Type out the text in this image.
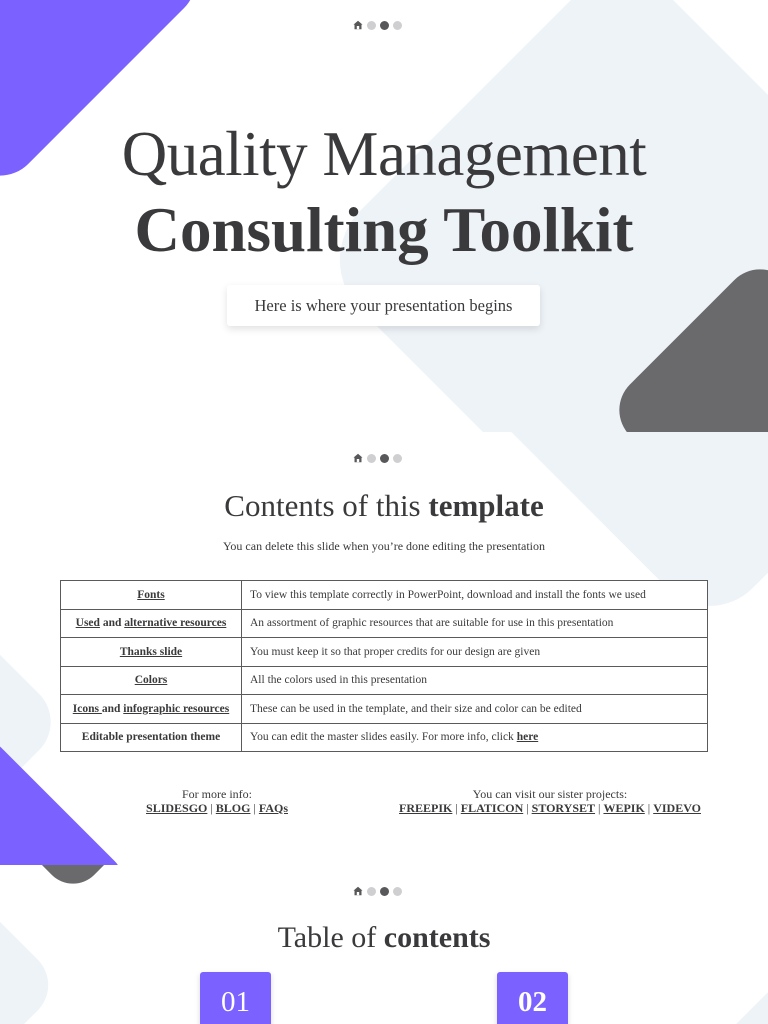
Quality Management
Consulting Toolkit
Here is where your presentation begins
Contents of this template
You can delete this slide when you’re done editing the presentation
Fonts	To view this template correctly in PowerPoint, download and install the fonts we used
Used and alternative resources	An assortment of graphic resources that are suitable for use in this presentation
Thanks slide	You must keep it so that proper credits for our design are given
Colors	All the colors used in this presentation
Icons and infographic resources	These can be used in the template, and their size and color can be edited
Editable presentation theme	You can edit the master slides easily. For more info, click here
For more info:
SLIDESGO | BLOG | FAQs
You can visit our sister projects:
FREEPIK | FLATICON | STORYSET | WEPIK | VIDEVO
Table of contents
01	02
